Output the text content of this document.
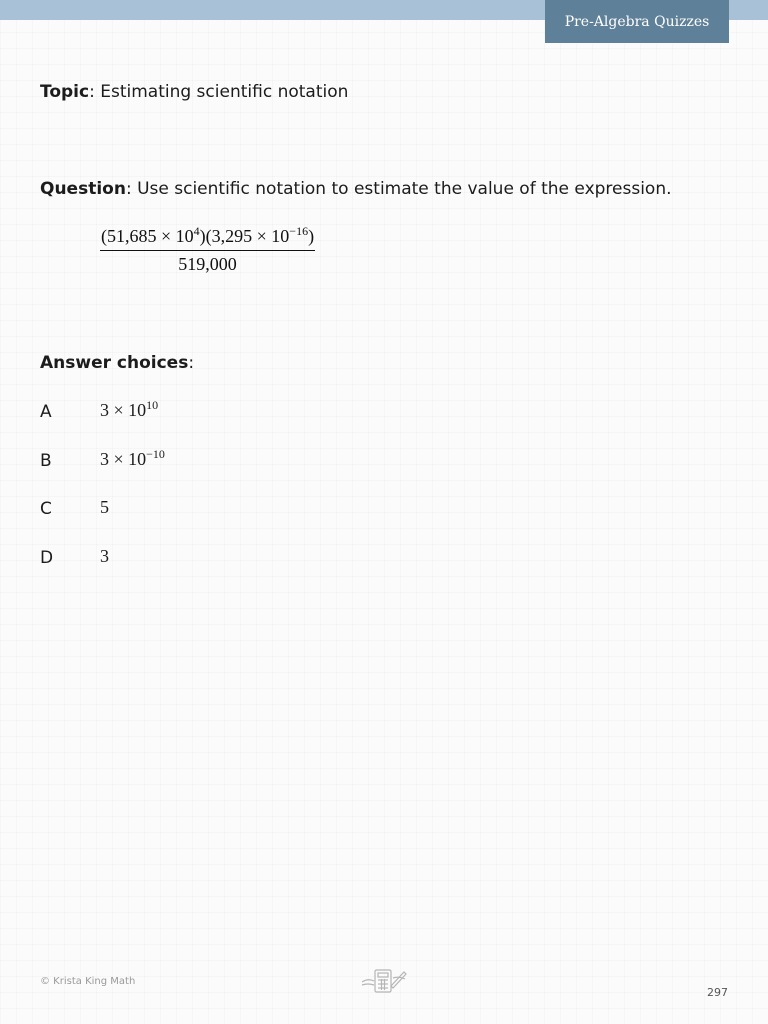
Pre-Algebra Quizzes
Topic: Estimating scientific notation
Question: Use scientific notation to estimate the value of the expression.
$\frac{(51,685 \times 10^4)(3,295 \times 10^{-16})}{519,000}$
Answer choices:
A	$3 \times 10^{10}$
B	$3 \times 10^{-10}$
C	5
D	3
© Krista King Math
297
